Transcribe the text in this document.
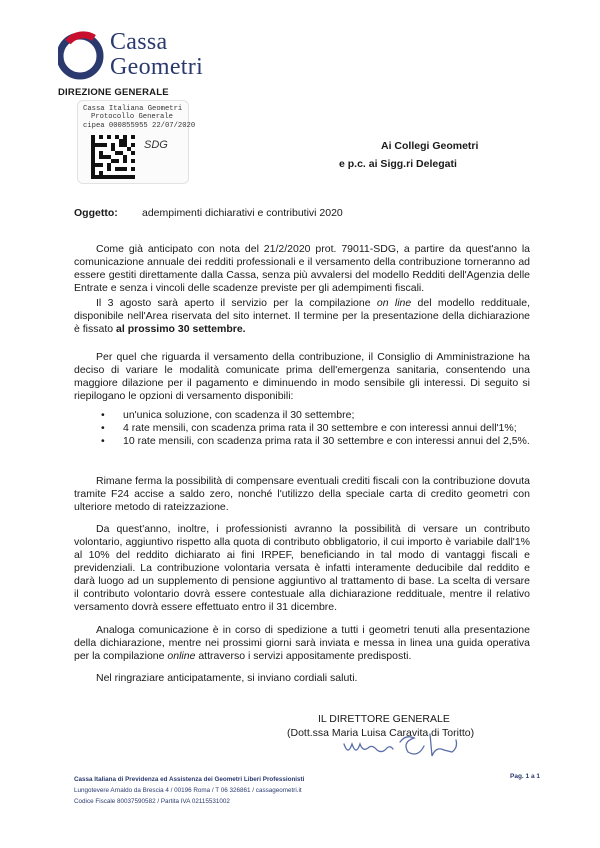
Cassa
Geometri
DIREZIONE GENERALE
Cassa Italiana Geometri
Protocollo Generale
cipea 000855955 22/07/2020
SDG	Ai Collegi Geometri
e p.c. ai Sigg.ri Delegati
Oggetto: adempimenti dichiarativi e contributivi 2020
Come già anticipato con nota del 21/2/2020 prot. 79011-SDG, a partire da quest'anno la comunicazione annuale dei redditi professionali e il versamento della contribuzione torneranno ad essere gestiti direttamente dalla Cassa, senza più avvalersi del modello Redditi dell'Agenzia delle Entrate e senza i vincoli delle scadenze previste per gli adempimenti fiscali.
Il 3 agosto sarà aperto il servizio per la compilazione on line del modello reddituale, disponibile nell'Area riservata del sito internet. Il termine per la presentazione della dichiarazione è fissato al prossimo 30 settembre.
Per quel che riguarda il versamento della contribuzione, il Consiglio di Amministrazione ha deciso di variare le modalità comunicate prima dell'emergenza sanitaria, consentendo una maggiore dilazione per il pagamento e diminuendo in modo sensibile gli interessi. Di seguito si riepilogano le opzioni di versamento disponibili:
• un'unica soluzione, con scadenza il 30 settembre;
• 4 rate mensili, con scadenza prima rata il 30 settembre e con interessi annui dell'1%;
• 10 rate mensili, con scadenza prima rata il 30 settembre e con interessi annui del 2,5%.
Rimane ferma la possibilità di compensare eventuali crediti fiscali con la contribuzione dovuta tramite F24 accise a saldo zero, nonché l'utilizzo della speciale carta di credito geometri con ulteriore metodo di rateizzazione.
Da quest'anno, inoltre, i professionisti avranno la possibilità di versare un contributo volontario, aggiuntivo rispetto alla quota di contributo obbligatorio, il cui importo è variabile dall'1% al 10% del reddito dichiarato ai fini IRPEF, beneficiando in tal modo di vantaggi fiscali e previdenziali. La contribuzione volontaria versata è infatti interamente deducibile dal reddito e darà luogo ad un supplemento di pensione aggiuntivo al trattamento di base. La scelta di versare il contributo volontario dovrà essere contestuale alla dichiarazione reddituale, mentre il relativo versamento dovrà essere effettuato entro il 31 dicembre.
Analoga comunicazione è in corso di spedizione a tutti i geometri tenuti alla presentazione della dichiarazione, mentre nei prossimi giorni sarà inviata e messa in linea una guida operativa per la compilazione online attraverso i servizi appositamente predisposti.
Nel ringraziare anticipatamente, si inviano cordiali saluti.
IL DIRETTORE GENERALE
(Dott.ssa Maria Luisa Caravita di Toritto)
Pag. 1 a 1
Cassa Italiana di Previdenza ed Assistenza dei Geometri Liberi Professionisti
Lungotevere Arnaldo da Brescia 4 / 00196 Roma / T 06 326861 / cassageometri.it
Codice Fiscale 80037590582 / Partita IVA 02115531002
